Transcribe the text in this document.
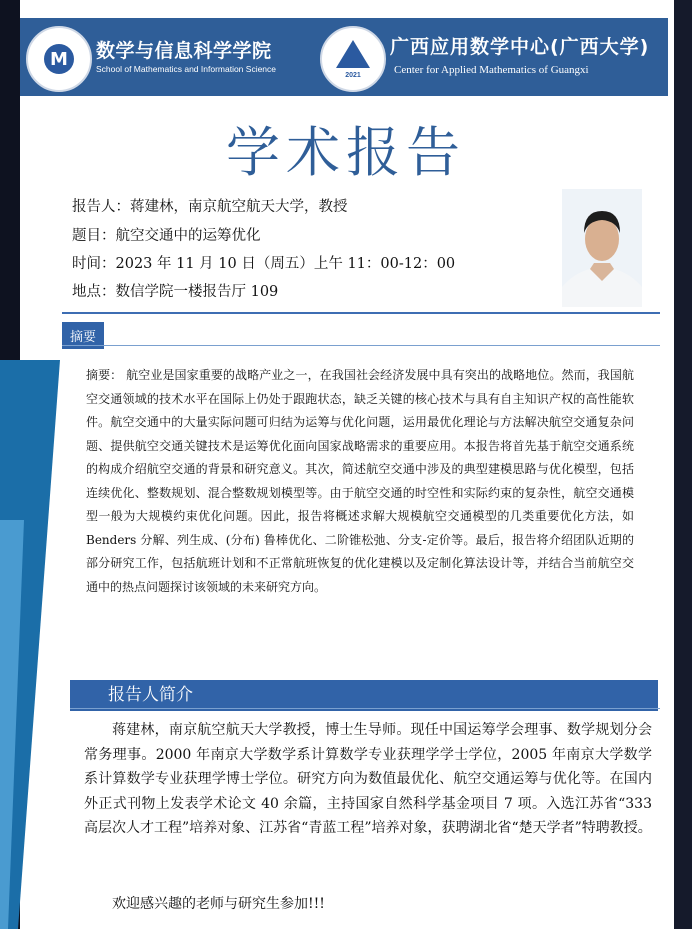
M	数学与信息科学学院
School of Mathematics and Information Science
2021
广西应用数学中心(广西大学)
Center for Applied Mathematics of Guangxi
学术报告
报告人：蒋建林，南京航空航天大学，教授
题目：航空交通中的运筹优化
时间：2023 年 11 月 10 日（周五）上午 11：00-12：00
地点：数信学院一楼报告厅 109
摘要
摘要： 航空业是国家重要的战略产业之一，在我国社会经济发展中具有突出的战略地位。然而，我国航空交通领域的技术水平在国际上仍处于跟跑状态，缺乏关键的核心技术与具有自主知识产权的高性能软件。航空交通中的大量实际问题可归结为运筹与优化问题，运用最优化理论与方法解决航空交通复杂问题、提供航空交通关键技术是运筹优化面向国家战略需求的重要应用。本报告将首先基于航空交通系统的构成介绍航空交通的背景和研究意义。其次，简述航空交通中涉及的典型建模思路与优化模型，包括连续优化、整数规划、混合整数规划模型等。由于航空交通的时空性和实际约束的复杂性，航空交通模型一般为大规模约束优化问题。因此，报告将概述求解大规模航空交通模型的几类重要优化方法，如 Benders 分解、列生成、(分布) 鲁棒优化、二阶锥松弛、分支-定价等。最后，报告将介绍团队近期的部分研究工作，包括航班计划和不正常航班恢复的优化建模以及定制化算法设计等，并结合当前航空交通中的热点问题探讨该领域的未来研究方向。
报告人简介
蒋建林，南京航空航天大学教授，博士生导师。现任中国运筹学会理事、数学规划分会常务理事。2000 年南京大学数学系计算数学专业获理学学士学位，2005 年南京大学数学系计算数学专业获理学博士学位。研究方向为数值最优化、航空交通运筹与优化等。在国内外正式刊物上发表学术论文 40 余篇，主持国家自然科学基金项目 7 项。入选江苏省“333 高层次人才工程”培养对象、江苏省“青蓝工程”培养对象，获聘湖北省“楚天学者”特聘教授。
欢迎感兴趣的老师与研究生参加!!!
